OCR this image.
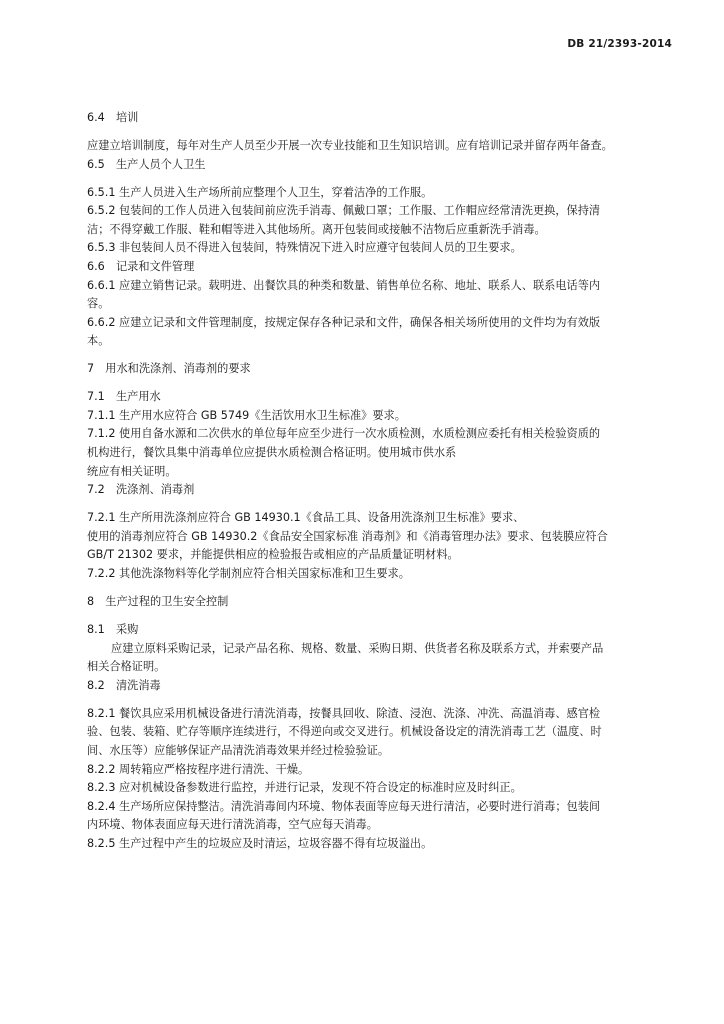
DB 21/2393-2014
6.4　培训
应建立培训制度，每年对生产人员至少开展一次专业技能和卫生知识培训。应有培训记录并留存两年备查。
6.5　生产人员个人卫生
6.5.1 生产人员进入生产场所前应整理个人卫生，穿着洁净的工作服。
6.5.2 包装间的工作人员进入包装间前应洗手消毒、佩戴口罩；工作服、工作帽应经常清洗更换，保持清
洁；不得穿戴工作服、鞋和帽等进入其他场所。离开包装间或接触不洁物后应重新洗手消毒。
6.5.3 非包装间人员不得进入包装间，特殊情况下进入时应遵守包装间人员的卫生要求。
6.6　记录和文件管理
6.6.1 应建立销售记录。载明进、出餐饮具的种类和数量、销售单位名称、地址、联系人、联系电话等内
容。
6.6.2 应建立记录和文件管理制度，按规定保存各种记录和文件，确保各相关场所使用的文件均为有效版
本。
7　用水和洗涤剂、消毒剂的要求
7.1　生产用水
7.1.1 生产用水应符合 GB 5749《生活饮用水卫生标准》要求。
7.1.2 使用自备水源和二次供水的单位每年应至少进行一次水质检测，水质检测应委托有相关检验资质的
机构进行，餐饮具集中消毒单位应提供水质检测合格证明。使用城市供水系
统应有相关证明。
7.2　洗涤剂、消毒剂
7.2.1 生产所用洗涤剂应符合 GB 14930.1《食品工具、设备用洗涤剂卫生标准》要求、
使用的消毒剂应符合 GB 14930.2《食品安全国家标准 消毒剂》和《消毒管理办法》要求、包装膜应符合
GB/T 21302 要求，并能提供相应的检验报告或相应的产品质量证明材料。
7.2.2 其他洗涤物料等化学制剂应符合相关国家标准和卫生要求。
8　生产过程的卫生安全控制
8.1　采购
应建立原料采购记录，记录产品名称、规格、数量、采购日期、供货者名称及联系方式，并索要产品
相关合格证明。
8.2　清洗消毒
8.2.1 餐饮具应采用机械设备进行清洗消毒，按餐具回收、除渣、浸泡、洗涤、冲洗、高温消毒、感官检
验、包装、装箱、贮存等顺序连续进行，不得逆向或交叉进行。机械设备设定的清洗消毒工艺（温度、时
间、水压等）应能够保证产品清洗消毒效果并经过检验验证。
8.2.2 周转箱应严格按程序进行清洗、干燥。
8.2.3 应对机械设备参数进行监控，并进行记录，发现不符合设定的标准时应及时纠正。
8.2.4 生产场所应保持整洁。清洗消毒间内环境、物体表面等应每天进行清洁，必要时进行消毒；包装间
内环境、物体表面应每天进行清洗消毒，空气应每天消毒。
8.2.5 生产过程中产生的垃圾应及时清运，垃圾容器不得有垃圾溢出。
